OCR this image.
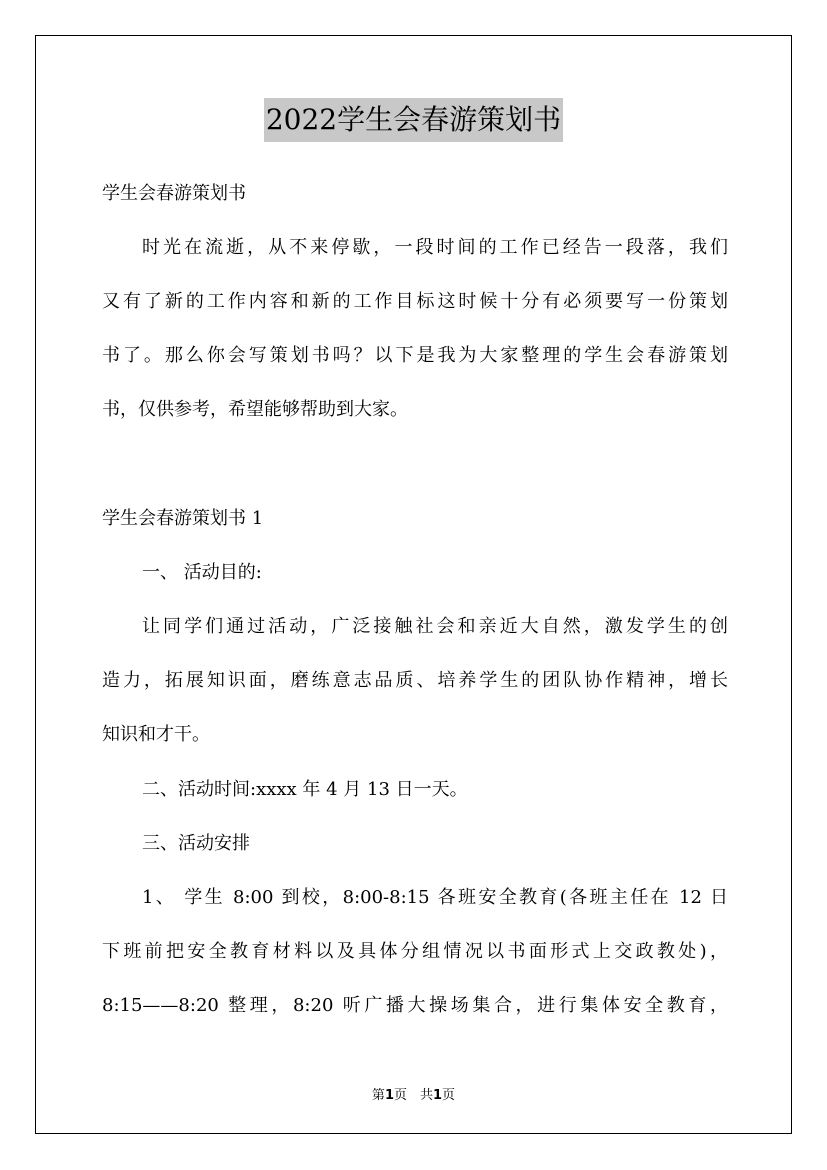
2022学生会春游策划书
学生会春游策划书
时光在流逝，从不来停歇，一段时间的工作已经告一段落，我们
又有了新的工作内容和新的工作目标这时候十分有必须要写一份策划
书了。那么你会写策划书吗？以下是我为大家整理的学生会春游策划
书，仅供参考，希望能够帮助到大家。
学生会春游策划书 1
一、 活动目的:
让同学们通过活动，广泛接触社会和亲近大自然，激发学生的创
造力，拓展知识面，磨练意志品质、培养学生的团队协作精神，增长
知识和才干。
二、活动时间:xxxx 年 4 月 13 日一天。
三、活动安排
1、 学生 8:00 到校，8:00-8:15 各班安全教育(各班主任在 12 日
下班前把安全教育材料以及具体分组情况以书面形式上交政教处)，
8:15——8:20 整理，8:20 听广播大操场集合，进行集体安全教育，
第1页　共1页
